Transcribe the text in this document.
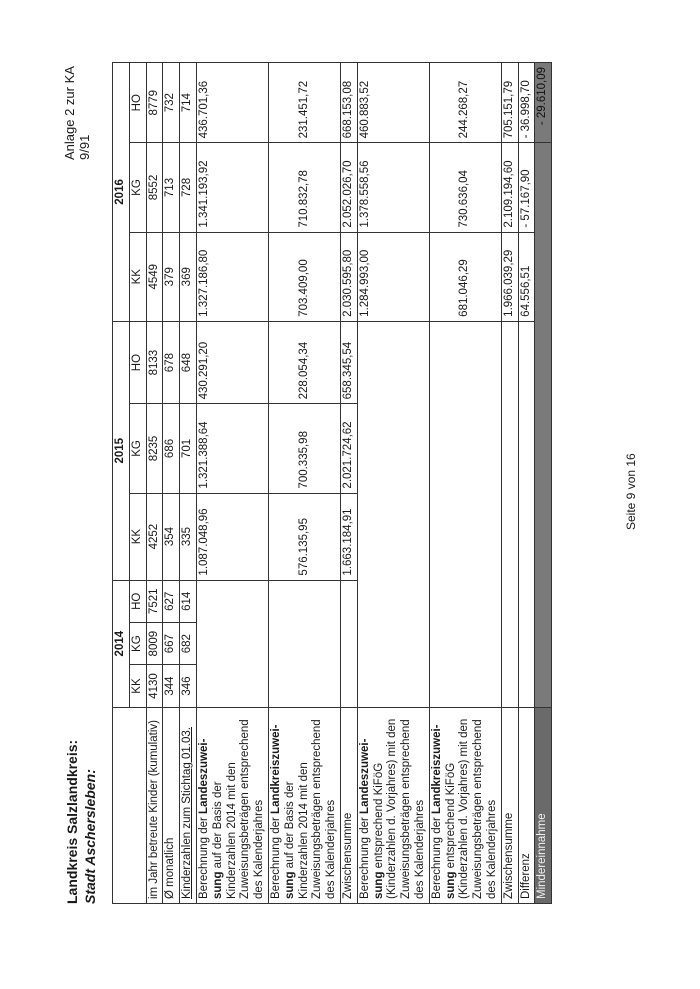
Landkreis Salzlandkreis: Stadt Aschersleben:
Anlage 2 zur KA 9/91
	2014			2015			2016		
	KK	KG	HO	KK	KG	HO	KK	KG	HO
im Jahr betreute Kinder (kumulativ)	4130	8009	7521	4252	8235	8133	4549	8552	8779
Ø monatlich	344	667	627	354	686	678	379	713	732
Kinderzahlen zum Stichtag 01.03.	346	682	614	335	701	648	369	728	714
Berechnung der Landeszuwei-sung auf der Basis der Kinderzahlen 2014 mit den Zuweisungsbeträgen entsprechend des Kalenderjahres				1.087.048,96	1.321.388,64	430.291,20	1.327.186,80	1.341.193,92	436.701,36
Berechnung der Landkreiszuwei-sung auf der Basis der Kinderzahlen 2014 mit den Zuweisungsbeträgen entsprechend des Kalenderjahres				576.135,95	700.335,98	228.054,34	703.409,00	710.832,78	231.451,72
Zwischensumme				1.663.184,91	2.021.724,62	658.345,54	2.030.595,80	2.052.026,70	668.153,08
Berechnung der Landeszuwei-sung entsprechend KiFöG (Kinderzahlen d. Vorjahres) mit den Zuweisungsbeträgen entsprechend des Kalenderjahres							1.284.993,00	1.378.558,56	460.883,52
Berechnung der Landkreiszuwei-sung entsprechend KiFöG (Kinderzahlen d. Vorjahres) mit den Zuweisungsbeträgen entsprechend des Kalenderjahres							681.046,29	730.636,04	244.268,27
Zwischensumme							1.966.039,29	2.109.194,60	705.151,79
Differenz							64.556,51	- 57.167,90	- 36.998,70
Mindereinnahme									- 29.610,09
Seite 9 von 16
